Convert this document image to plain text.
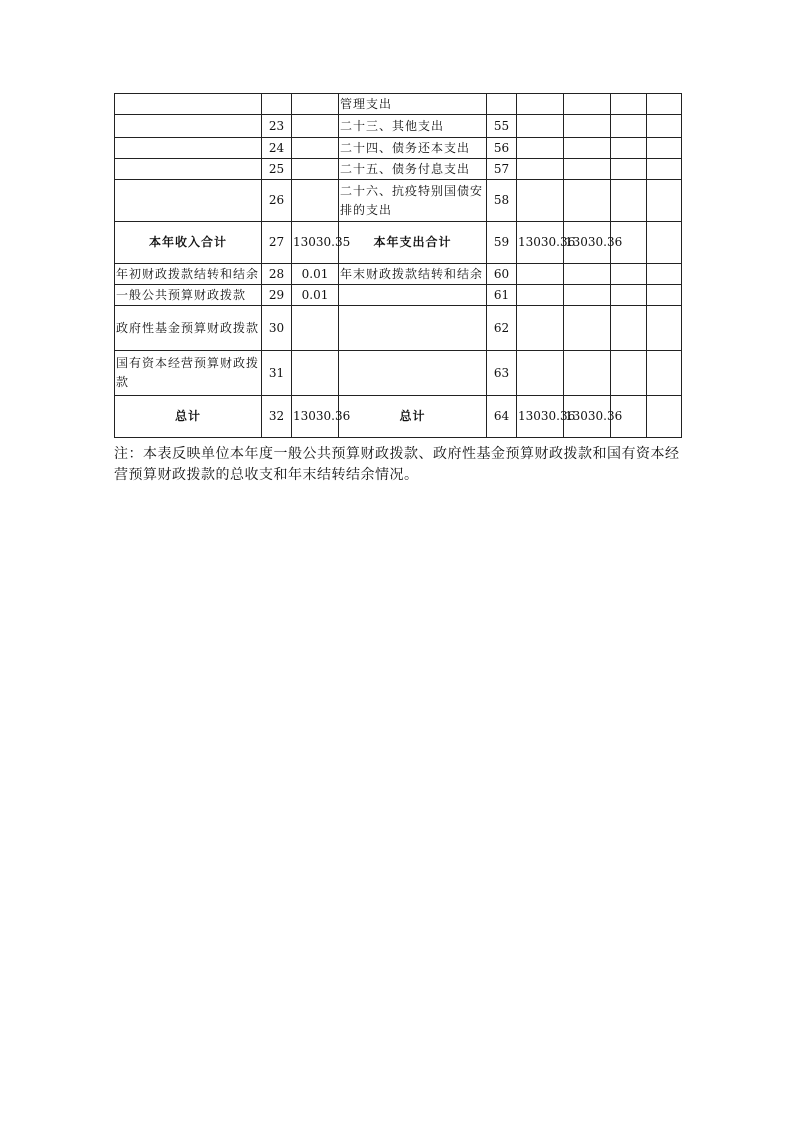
			管理支出					
	23		二十三、其他支出	55				
	24		二十四、债务还本支出	56				
	25		二十五、债务付息支出	57				
	26		二十六、抗疫特别国债安排的支出	58				
本年收入合计	27	13030.35	本年支出合计	59	13030.36	13030.36		
年初财政拨款结转和结余	28	0.01	年末财政拨款结转和结余	60				
一般公共预算财政拨款	29	0.01		61				
政府性基金预算财政拨款	30			62				
国有资本经营预算财政拨款	31			63				
总计	32	13030.36	总计	64	13030.36	13030.36		
注：本表反映单位本年度一般公共预算财政拨款、政府性基金预算财政拨款和国有资本经营预算财政拨款的总收支和年末结转结余情况。
